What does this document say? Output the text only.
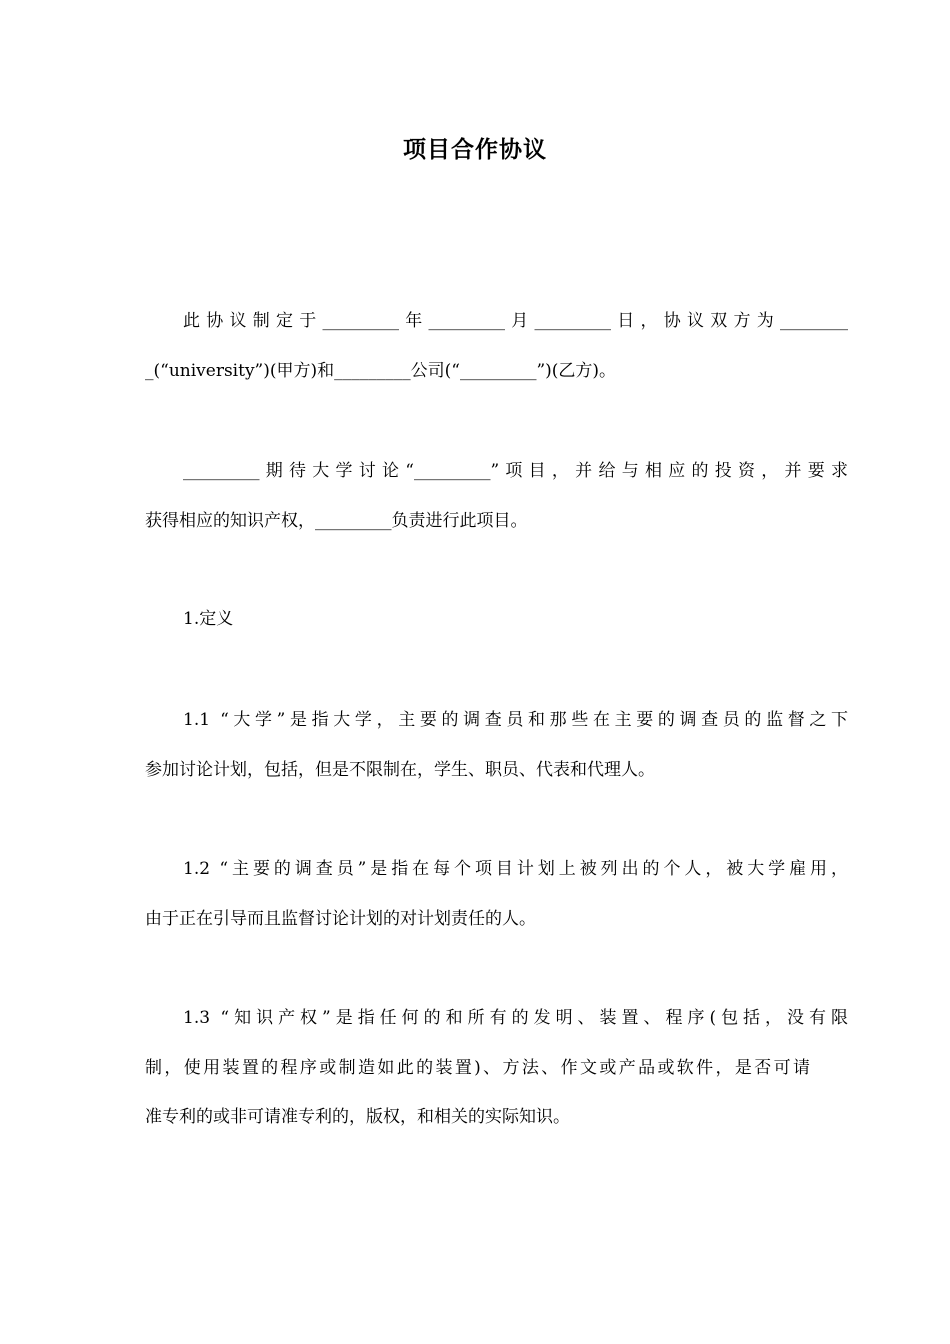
项目合作协议
此协议制定于_________年_________月_________日，协议双方为________
_(“university”)(甲方)和_________公司(“_________”)(乙方)。
_________期待大学讨论“_________”项目，并给与相应的投资，并要求
获得相应的知识产权，_________负责进行此项目。
1.定义
1.1 “大学”是指大学，主要的调查员和那些在主要的调查员的监督之下
参加讨论计划，包括，但是不限制在，学生、职员、代表和代理人。
1.2 “主要的调查员”是指在每个项目计划上被列出的个人，被大学雇用，
由于正在引导而且监督讨论计划的对计划责任的人。
1.3 “知识产权”是指任何的和所有的发明、装置、程序(包括，没有限
制，使用装置的程序或制造如此的装置)、方法、作文或产品或软件，是否可请
准专利的或非可请准专利的，版权，和相关的实际知识。
